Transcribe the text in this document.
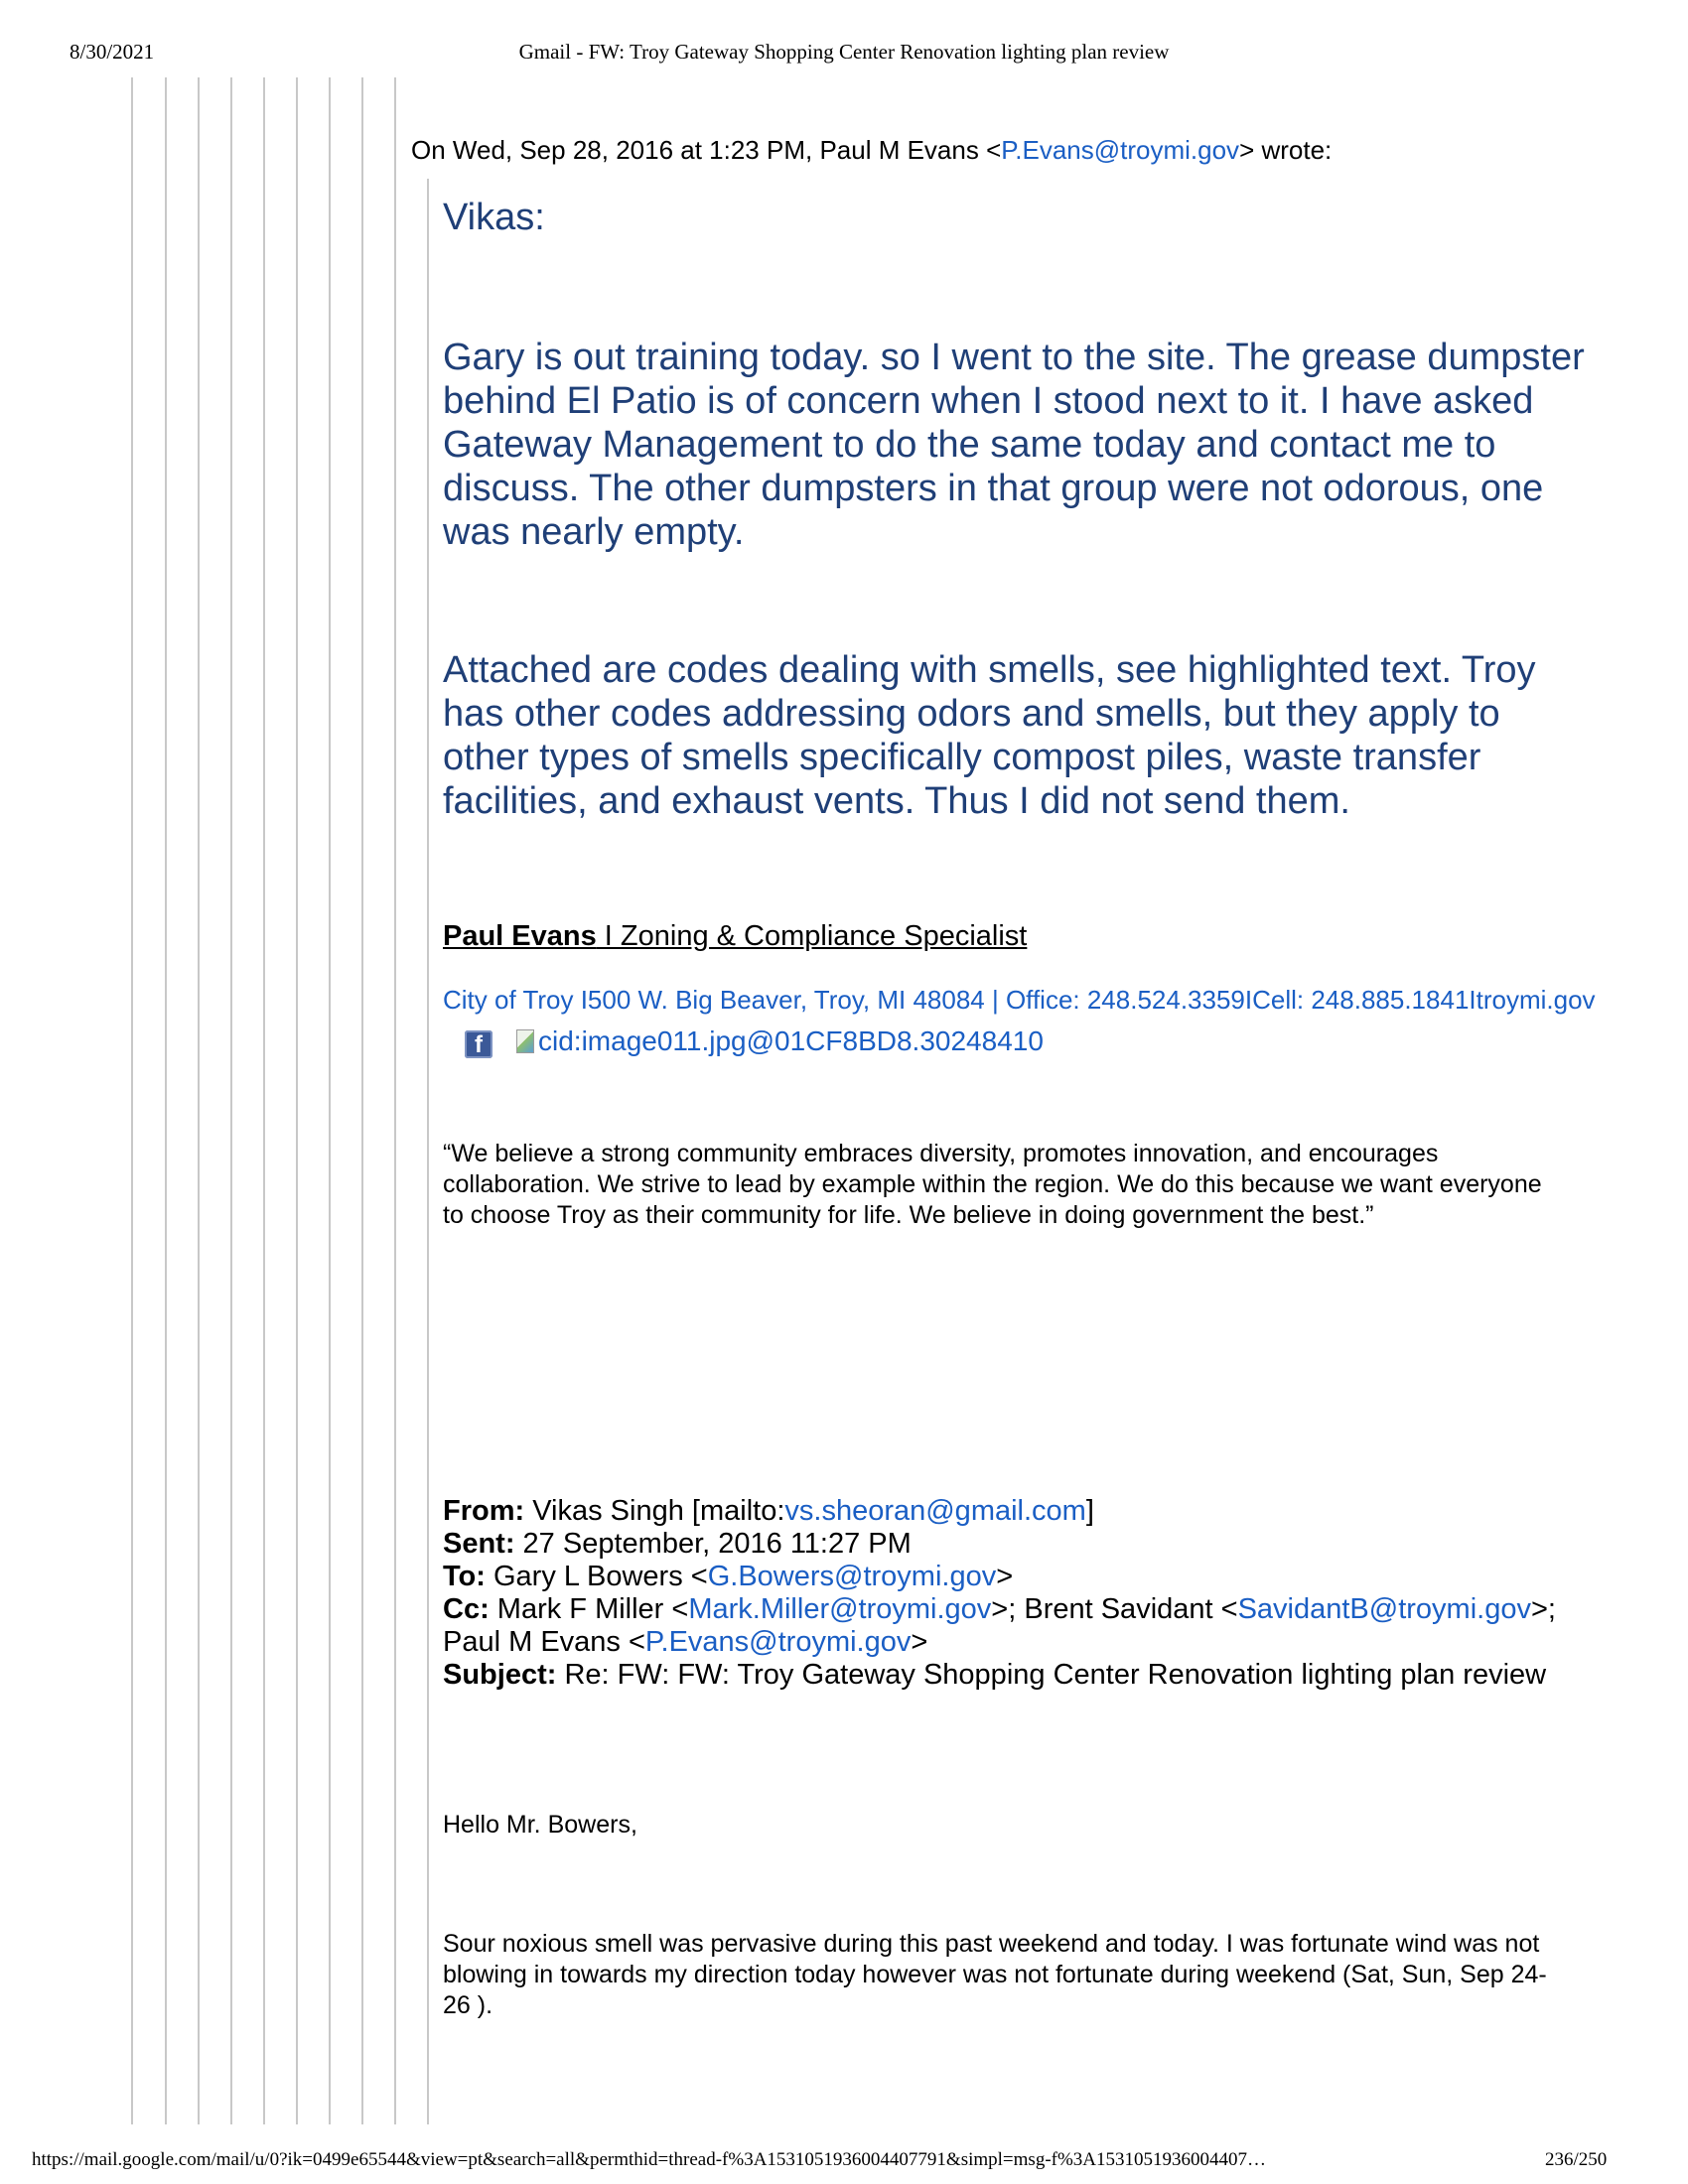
8/30/2021	Gmail - FW: Troy Gateway Shopping Center Renovation lighting plan review
On Wed, Sep 28, 2016 at 1:23 PM, Paul M Evans <P.Evans@troymi.gov> wrote:
Vikas:
Gary is out training today. so I went to the site. The grease dumpster behind El Patio is of concern when I stood next to it. I have asked Gateway Management to do the same today and contact me to discuss. The other dumpsters in that group were not odorous, one was nearly empty.
Attached are codes dealing with smells, see highlighted text. Troy has other codes addressing odors and smells, but they apply to other types of smells specifically compost piles, waste transfer facilities, and exhaust vents. Thus I did not send them.
Paul Evans I Zoning & Compliance Specialist
City of Troy I500 W. Big Beaver, Troy, MI 48084 | Office: 248.524.3359ICell: 248.885.1841Itroymi.govf cid:image011.jpg@01CF8BD8.30248410
“We believe a strong community embraces diversity, promotes innovation, and encourages collaboration. We strive to lead by example within the region. We do this because we want everyone to choose Troy as their community for life. We believe in doing government the best.”
From: Vikas Singh [mailto:vs.sheoran@gmail.com]
Sent: 27 September, 2016 11:27 PM
To: Gary L Bowers <G.Bowers@troymi.gov>
Cc: Mark F Miller <Mark.Miller@troymi.gov>; Brent Savidant <SavidantB@troymi.gov>; Paul M Evans <P.Evans@troymi.gov>
Subject: Re: FW: FW: Troy Gateway Shopping Center Renovation lighting plan review
Hello Mr. Bowers,
Sour noxious smell was pervasive during this past weekend and today. I was fortunate wind was not blowing in towards my direction today however was not fortunate during weekend (Sat, Sun, Sep 24-26 ).
https://mail.google.com/mail/u/0?ik=0499e65544&view=pt&search=all&permthid=thread-f%3A1531051936004407791&simpl=msg-f%3A1531051936004407…	236/250
